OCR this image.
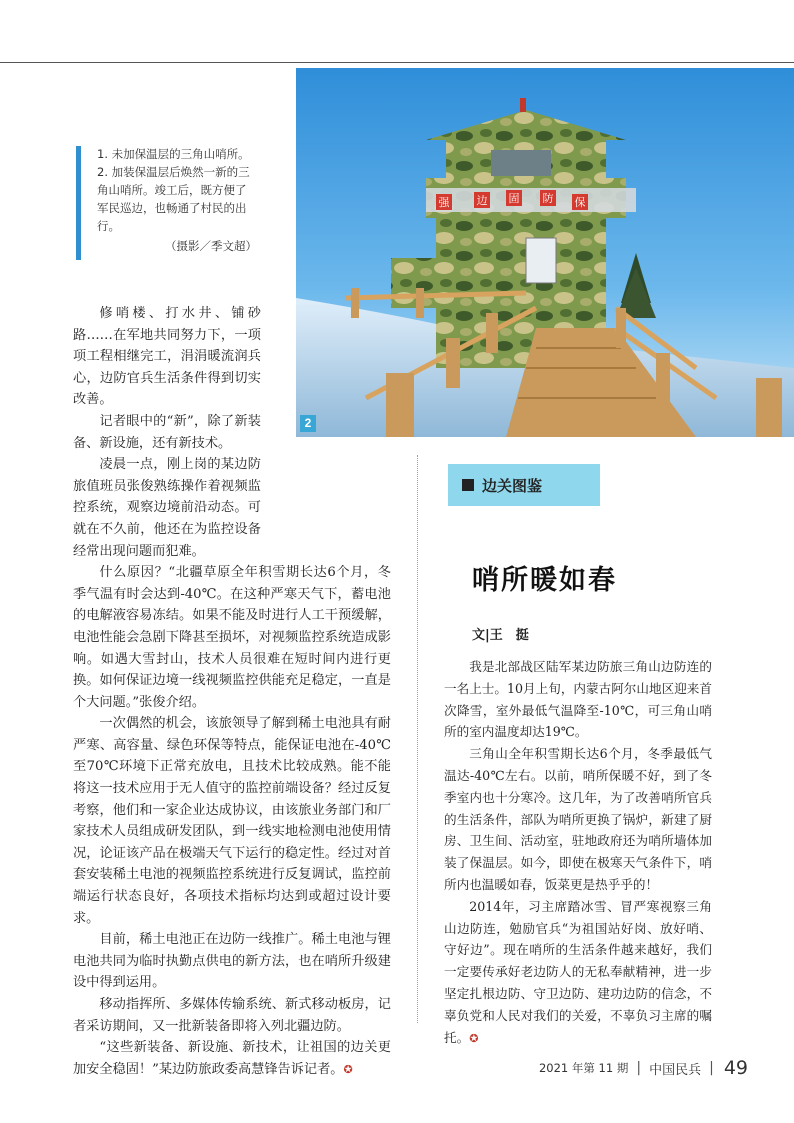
强 边 固 防 保
2

1. 未加保温层的三角山哨所。

2. 加装保温层后焕然一新的三角山哨所。竣工后，既方便了军民巡边，也畅通了村民的出行。

（摄影／季文超）

修哨楼、打水井、铺砂路……在军地共同努力下，一项项工程相继完工，涓涓暖流润兵心，边防官兵生活条件得到切实改善。

记者眼中的“新”，除了新装备、新设施，还有新技术。

凌晨一点，刚上岗的某边防旅值班员张俊熟练操作着视频监控系统，观察边境前沿动态。可就在不久前，他还在为监控设备经常出现问题而犯难。

什么原因？“北疆草原全年积雪期长达6个月，冬季气温有时会达到-40℃。在这种严寒天气下，蓄电池的电解液容易冻结。如果不能及时进行人工干预缓解，电池性能会急剧下降甚至损坏，对视频监控系统造成影响。如遇大雪封山，技术人员很难在短时间内进行更换。如何保证边境一线视频监控供能充足稳定，一直是个大问题。”张俊介绍。

一次偶然的机会，该旅领导了解到稀土电池具有耐严寒、高容量、绿色环保等特点，能保证电池在-40℃至70℃环境下正常充放电，且技术比较成熟。能不能将这一技术应用于无人值守的监控前端设备？经过反复考察，他们和一家企业达成协议，由该旅业务部门和厂家技术人员组成研发团队，到一线实地检测电池使用情况，论证该产品在极端天气下运行的稳定性。经过对首套安装稀土电池的视频监控系统进行反复调试，监控前端运行状态良好，各项技术指标均达到或超过设计要求。

目前，稀土电池正在边防一线推广。稀土电池与锂电池共同为临时执勤点供电的新方法，也在哨所升级建设中得到运用。

移动指挥所、多媒体传输系统、新式移动板房，记者采访期间，又一批新装备即将入列北疆边防。

“这些新装备、新设施、新技术，让祖国的边关更加安全稳固！”某边防旅政委高慧锋告诉记者。✪

边关图鉴
哨所暖如春
文|王　挺

我是北部战区陆军某边防旅三角山边防连的一名上士。10月上旬，内蒙古阿尔山地区迎来首次降雪，室外最低气温降至-10℃，可三角山哨所的室内温度却达19℃。

三角山全年积雪期长达6个月，冬季最低气温达-40℃左右。以前，哨所保暖不好，到了冬季室内也十分寒冷。这几年，为了改善哨所官兵的生活条件，部队为哨所更换了锅炉，新建了厨房、卫生间、活动室，驻地政府还为哨所墙体加装了保温层。如今，即使在极寒天气条件下，哨所内也温暖如春，饭菜更是热乎乎的！

2014年，习主席踏冰雪、冒严寒视察三角山边防连，勉励官兵“为祖国站好岗、放好哨、守好边”。现在哨所的生活条件越来越好，我们一定要传承好老边防人的无私奉献精神，进一步坚定扎根边防、守卫边防、建功边防的信念，不辜负党和人民对我们的关爱，不辜负习主席的嘱托。✪

2021 年第 11 期 | 中国民兵 | 49
